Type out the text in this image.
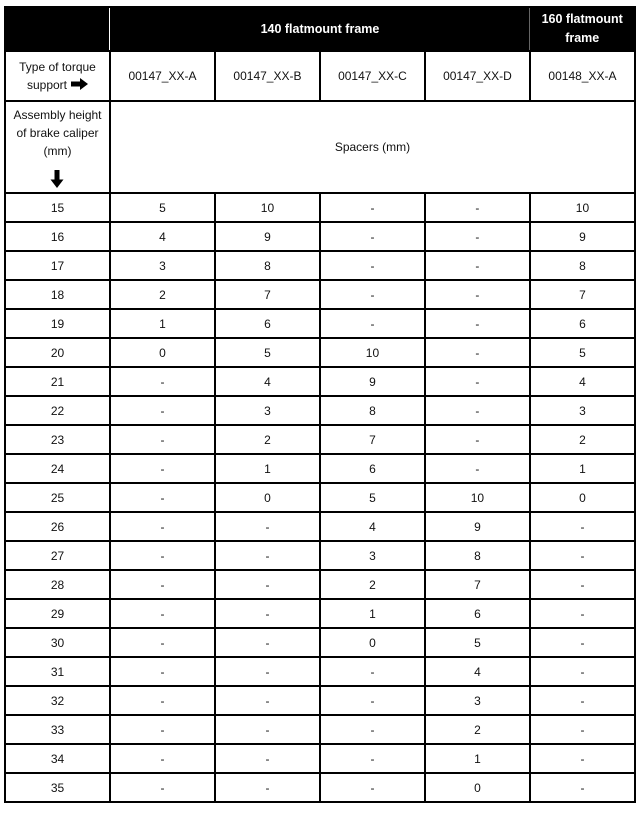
	140 flatmount frame				160 flatmount frame
Type of torque support	00147_XX-A	00147_XX-B	00147_XX-C	00147_XX-D	00148_XX-A
Assembly height of brake caliper (mm)	Spacers (mm)				
15	5	10	-	-	10
16	4	9	-	-	9
17	3	8	-	-	8
18	2	7	-	-	7
19	1	6	-	-	6
20	0	5	10	-	5
21	-	4	9	-	4
22	-	3	8	-	3
23	-	2	7	-	2
24	-	1	6	-	1
25	-	0	5	10	0
26	-	-	4	9	-
27	-	-	3	8	-
28	-	-	2	7	-
29	-	-	1	6	-
30	-	-	0	5	-
31	-	-	-	4	-
32	-	-	-	3	-
33	-	-	-	2	-
34	-	-	-	1	-
35	-	-	-	0	-
